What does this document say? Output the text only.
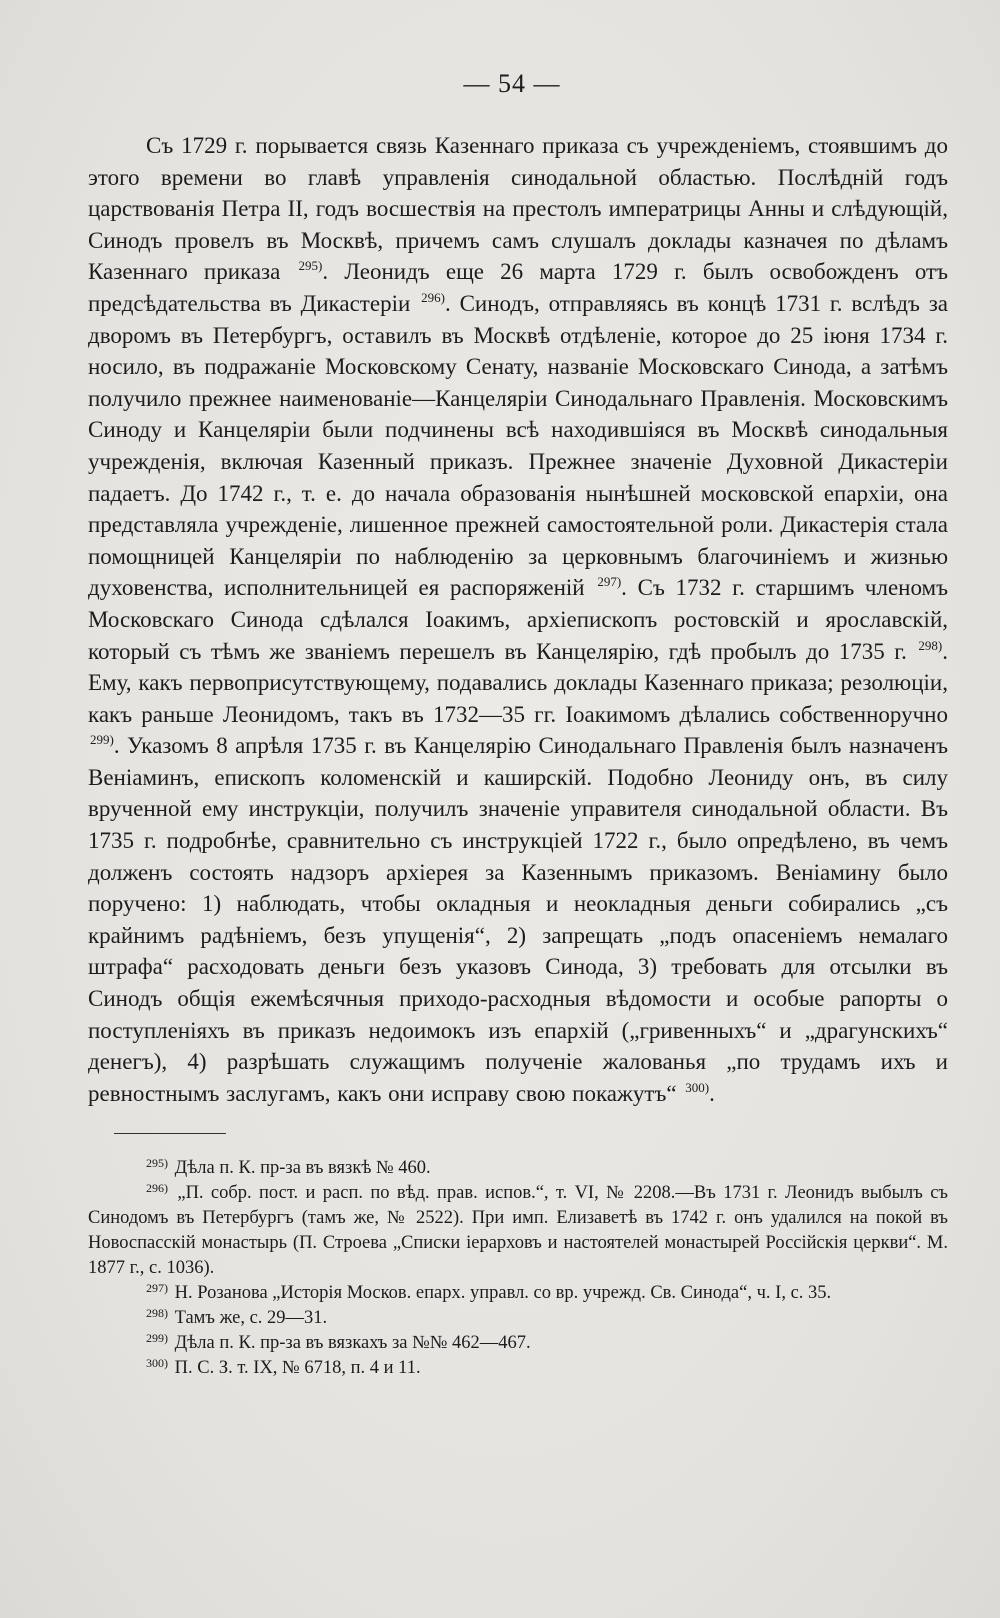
— 54 —

Съ 1729 г. порывается связь Казеннаго приказа съ учрежденіемъ, стоявшимъ до этого времени во главѣ управленія синодальной областью. Послѣдній годъ царствованія Петра II, годъ восшествія на престолъ императрицы Анны и слѣдующій, Синодъ провелъ въ Москвѣ, причемъ самъ слушалъ доклады казначея по дѣламъ Казеннаго приказа $^{295)}$. Леонидъ еще 26 марта 1729 г. былъ освобожденъ отъ предсѣдательства въ Дикастеріи $^{296)}$. Синодъ, отправляясь въ концѣ 1731 г. вслѣдъ за дворомъ въ Петербургъ, оставилъ въ Москвѣ отдѣленіе, которое до 25 іюня 1734 г. носило, въ подражаніе Московскому Сенату, названіе Московскаго Синода, а затѣмъ получило прежнее наименованіе—Канцеляріи Синодальнаго Правленія. Московскимъ Синоду и Канцеляріи были подчинены всѣ находившіяся въ Москвѣ синодальныя учрежденія, включая Казенный приказъ. Прежнее значеніе Духовной Дикастеріи падаетъ. До 1742 г., т. е. до начала образованія нынѣшней московской епархіи, она представляла учрежденіе, лишенное прежней самостоятельной роли. Дикастерія стала помощницей Канцеляріи по наблюденію за церковнымъ благочиніемъ и жизнью духовенства, исполнительницей ея распоряженій $^{297)}$. Съ 1732 г. старшимъ членомъ Московскаго Синода сдѣлался Іоакимъ, архіепископъ ростовскій и ярославскій, который съ тѣмъ же званіемъ перешелъ въ Канцелярію, гдѣ пробылъ до 1735 г. $^{298)}$. Ему, какъ первоприсутствующему, подавались доклады Казеннаго приказа; резолюціи, какъ раньше Леонидомъ, такъ въ 1732—35 гг. Іоакимомъ дѣлались собственноручно $^{299)}$. Указомъ 8 апрѣля 1735 г. въ Канцелярію Синодальнаго Правленія былъ назначенъ Веніаминъ, епископъ коломенскій и каширскій. Подобно Леониду онъ, въ силу врученной ему инструкціи, получилъ значеніе управителя синодальной области. Въ 1735 г. подробнѣе, сравнительно съ инструкціей 1722 г., было опредѣлено, въ чемъ долженъ состоять надзоръ архіерея за Казеннымъ приказомъ. Веніамину было поручено: 1) наблюдать, чтобы окладныя и неокладныя деньги собирались „съ крайнимъ радѣніемъ, безъ упущенія“, 2) запрещать „подъ опасеніемъ немалаго штрафа“ расходовать деньги безъ указовъ Синода, 3) требовать для отсылки въ Синодъ общія ежемѣсячныя приходо-расходныя вѣдомости и особые рапорты о поступленіяхъ въ приказъ недоимокъ изъ епархій („гривенныхъ“ и „драгунскихъ“ денегъ), 4) разрѣшать служащимъ полученіе жалованья „по трудамъ ихъ и ревностнымъ заслугамъ, какъ они исправу свою покажутъ“ $^{300)}$.

$^{295)}$ Дѣла п. К. пр-за въ вязкѣ № 460.

$^{296)}$ „П. собр. пост. и расп. по вѣд. прав. испов.“, т. VI, № 2208.—Въ 1731 г. Леонидъ выбылъ съ Синодомъ въ Петербургъ (тамъ же, № 2522). При имп. Елизаветѣ въ 1742 г. онъ удалился на покой въ Новоспасскій монастырь (П. Строева „Списки іерарховъ и настоятелей монастырей Россійскія церкви“. М. 1877 г., с. 1036).

$^{297)}$ Н. Розанова „Исторія Москов. епарх. управл. со вр. учрежд. Св. Синода“, ч. I, с. 35.

$^{298)}$ Тамъ же, с. 29—31.

$^{299)}$ Дѣла п. К. пр-за въ вязкахъ за №№ 462—467.

$^{300)}$ П. С. З. т. IX, № 6718, п. 4 и 11.
